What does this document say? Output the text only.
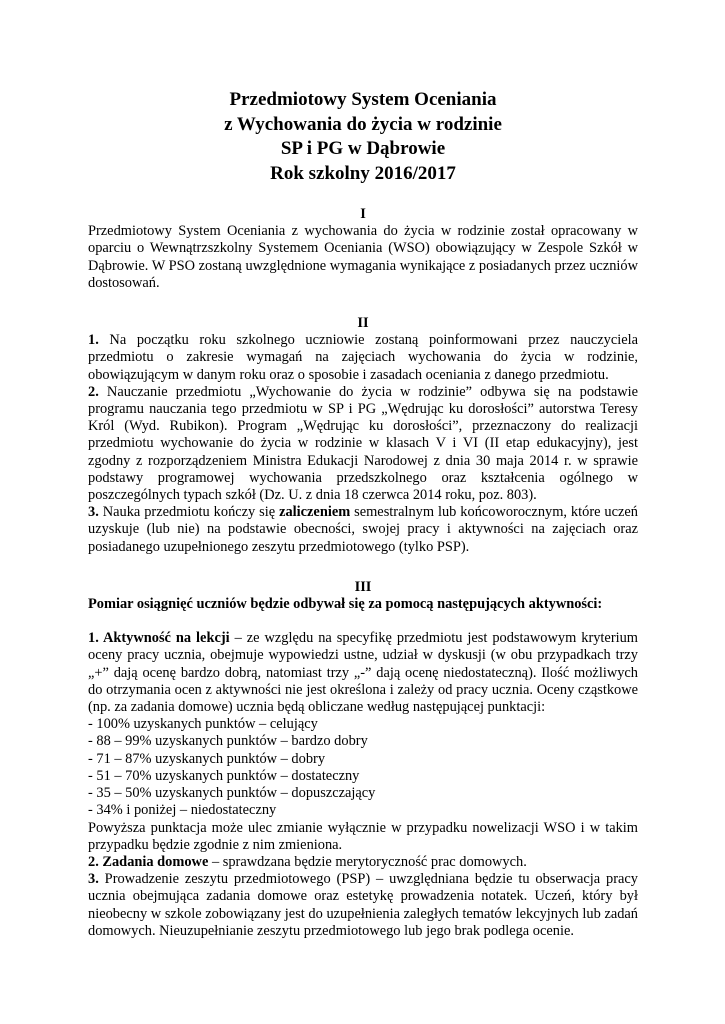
Przedmiotowy System Oceniania
z Wychowania do życia w rodzinie
SP i PG w Dąbrowie
Rok szkolny 2016/2017
I

Przedmiotowy System Oceniania z wychowania do życia w rodzinie został opracowany w oparciu o Wewnątrzszkolny Systemem Oceniania (WSO) obowiązujący w Zespole Szkół w Dąbrowie. W PSO zostaną uwzględnione wymagania wynikające z posiadanych przez uczniów dostosowań.

II

1. Na początku roku szkolnego uczniowie zostaną poinformowani przez nauczyciela przedmiotu o zakresie wymagań na zajęciach wychowania do życia w rodzinie, obowiązującym w danym roku oraz o sposobie i zasadach oceniania z danego przedmiotu.

2. Nauczanie przedmiotu „Wychowanie do życia w rodzinie” odbywa się na podstawie programu nauczania tego przedmiotu w SP i PG „Wędrując ku dorosłości” autorstwa Teresy Król (Wyd. Rubikon). Program „Wędrując ku dorosłości”, przeznaczony do realizacji przedmiotu wychowanie do życia w rodzinie w klasach V i VI (II etap edukacyjny), jest zgodny z rozporządzeniem Ministra Edukacji Narodowej z dnia 30 maja 2014 r. w sprawie podstawy programowej wychowania przedszkolnego oraz kształcenia ogólnego w poszczególnych typach szkół (Dz. U. z dnia 18 czerwca 2014 roku, poz. 803).

3. Nauka przedmiotu kończy się zaliczeniem semestralnym lub końcoworocznym, które uczeń uzyskuje (lub nie) na podstawie obecności, swojej pracy i aktywności na zajęciach oraz posiadanego uzupełnionego zeszytu przedmiotowego (tylko PSP).

III

Pomiar osiągnięć uczniów będzie odbywał się za pomocą następujących aktywności:

1. Aktywność na lekcji – ze względu na specyfikę przedmiotu jest podstawowym kryterium oceny pracy ucznia, obejmuje wypowiedzi ustne, udział w dyskusji (w obu przypadkach trzy „+” dają ocenę bardzo dobrą, natomiast trzy „-” dają ocenę niedostateczną). Ilość możliwych do otrzymania ocen z aktywności nie jest określona i zależy od pracy ucznia. Oceny cząstkowe (np. za zadania domowe) ucznia będą obliczane według następującej punktacji:

- 100% uzyskanych punktów – celujący
- 88 – 99% uzyskanych punktów – bardzo dobry
- 71 – 87% uzyskanych punktów – dobry
- 51 – 70% uzyskanych punktów – dostateczny
- 35 – 50% uzyskanych punktów – dopuszczający
- 34% i poniżej – niedostateczny

Powyższa punktacja może ulec zmianie wyłącznie w przypadku nowelizacji WSO i w takim przypadku będzie zgodnie z nim zmieniona.

2. Zadania domowe – sprawdzana będzie merytoryczność prac domowych.

3. Prowadzenie zeszytu przedmiotowego (PSP) – uwzględniana będzie tu obserwacja pracy ucznia obejmująca zadania domowe oraz estetykę prowadzenia notatek. Uczeń, który był nieobecny w szkole zobowiązany jest do uzupełnienia zaległych tematów lekcyjnych lub zadań domowych. Nieuzupełnianie zeszytu przedmiotowego lub jego brak podlega ocenie.
